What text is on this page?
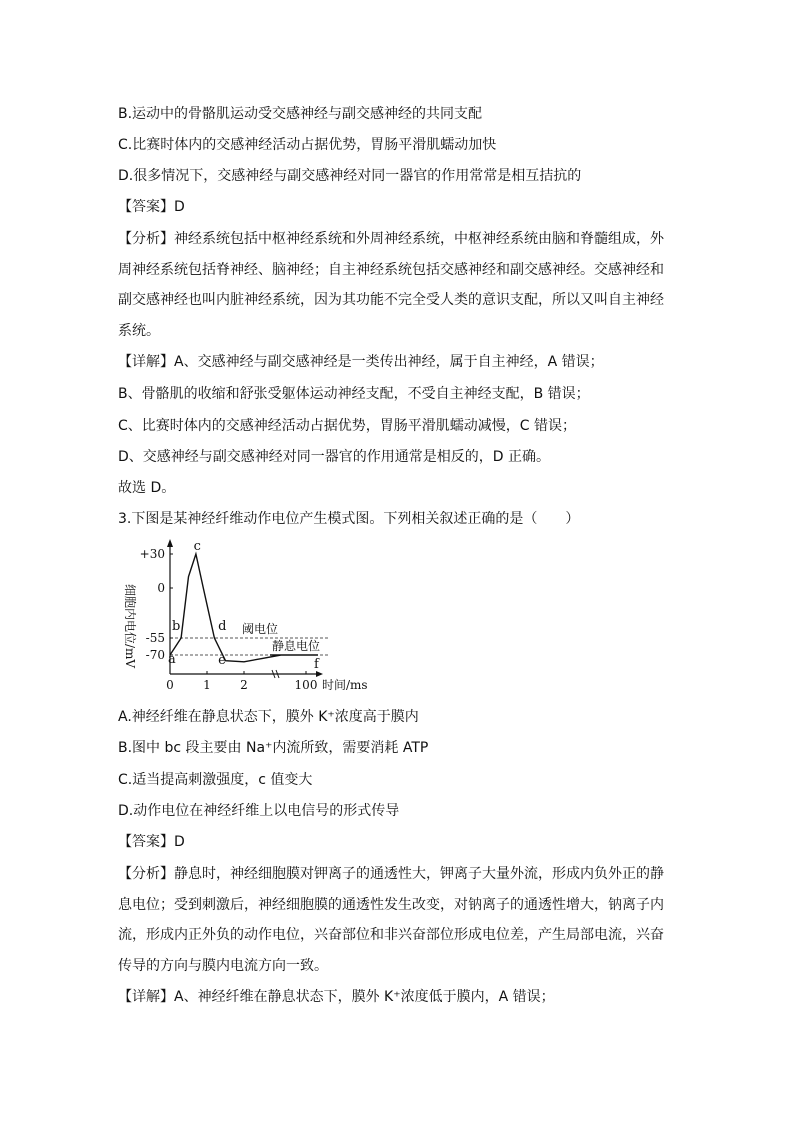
B.运动中的骨骼肌运动受交感神经与副交感神经的共同支配
C.比赛时体内的交感神经活动占据优势，胃肠平滑肌蠕动加快
D.很多情况下，交感神经与副交感神经对同一器官的作用常常是相互拮抗的
【答案】D
【分析】神经系统包括中枢神经系统和外周神经系统，中枢神经系统由脑和脊髓组成，外
周神经系统包括脊神经、脑神经；自主神经系统包括交感神经和副交感神经。交感神经和
副交感神经也叫内脏神经系统，因为其功能不完全受人类的意识支配，所以又叫自主神经
系统。
【详解】A、交感神经与副交感神经是一类传出神经，属于自主神经，A 错误；
B、骨骼肌的收缩和舒张受躯体运动神经支配，不受自主神经支配，B 错误；
C、比赛时体内的交感神经活动占据优势，胃肠平滑肌蠕动减慢，C 错误；
D、交感神经与副交感神经对同一器官的作用通常是相反的，D 正确。
故选 D。
3.下图是某神经纤维动作电位产生模式图。下列相关叙述正确的是（　　）
细胞内电位/mV
+30
0
-55
-70
0 1 2	100
a
b
c
d
e	f
阈电位
静息电位
时间/ms
A.神经纤维在静息状态下，膜外 K⁺浓度高于膜内
B.图中 bc 段主要由 Na⁺内流所致，需要消耗 ATP
C.适当提高刺激强度，c 值变大
D.动作电位在神经纤维上以电信号的形式传导
【答案】D
【分析】静息时，神经细胞膜对钾离子的通透性大，钾离子大量外流，形成内负外正的静
息电位；受到刺激后，神经细胞膜的通透性发生改变，对钠离子的通透性增大，钠离子内
流，形成内正外负的动作电位，兴奋部位和非兴奋部位形成电位差，产生局部电流，兴奋
传导的方向与膜内电流方向一致。
【详解】A、神经纤维在静息状态下，膜外 K⁺浓度低于膜内，A 错误；
